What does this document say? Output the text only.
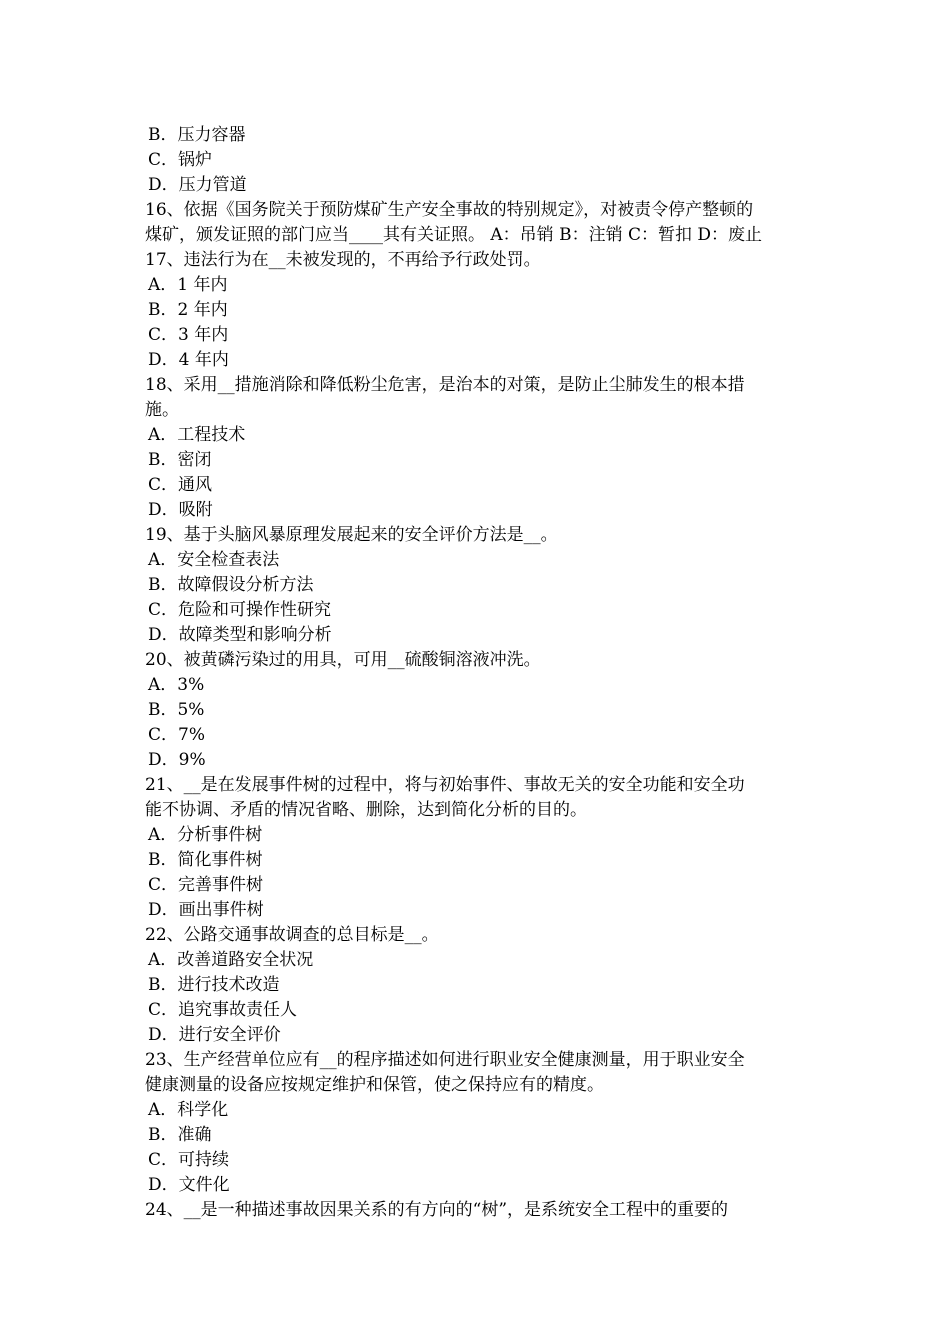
B．压力容器
C．锅炉
D．压力管道
16、依据《国务院关于预防煤矿生产安全事故的特别规定》，对被责令停产整顿的
煤矿，颁发证照的部门应当____其有关证照。 A：吊销 B：注销 C：暂扣 D：废止
17、违法行为在__未被发现的，不再给予行政处罚。
A．1 年内
B．2 年内
C．3 年内
D．4 年内
18、采用__措施消除和降低粉尘危害，是治本的对策，是防止尘肺发生的根本措
施。
A．工程技术
B．密闭
C．通风
D．吸附
19、基于头脑风暴原理发展起来的安全评价方法是__。
A．安全检查表法
B．故障假设分析方法
C．危险和可操作性研究
D．故障类型和影响分析
20、被黄磷污染过的用具，可用__硫酸铜溶液冲洗。
A．3%
B．5%
C．7%
D．9%
21、__是在发展事件树的过程中，将与初始事件、事故无关的安全功能和安全功
能不协调、矛盾的情况省略、删除，达到简化分析的目的。
A．分析事件树
B．简化事件树
C．完善事件树
D．画出事件树
22、公路交通事故调查的总目标是__。
A．改善道路安全状况
B．进行技术改造
C．追究事故责任人
D．进行安全评价
23、生产经营单位应有__的程序描述如何进行职业安全健康测量，用于职业安全
健康测量的设备应按规定维护和保管，使之保持应有的精度。
A．科学化
B．准确
C．可持续
D．文件化
24、__是一种描述事故因果关系的有方向的“树”，是系统安全工程中的重要的
